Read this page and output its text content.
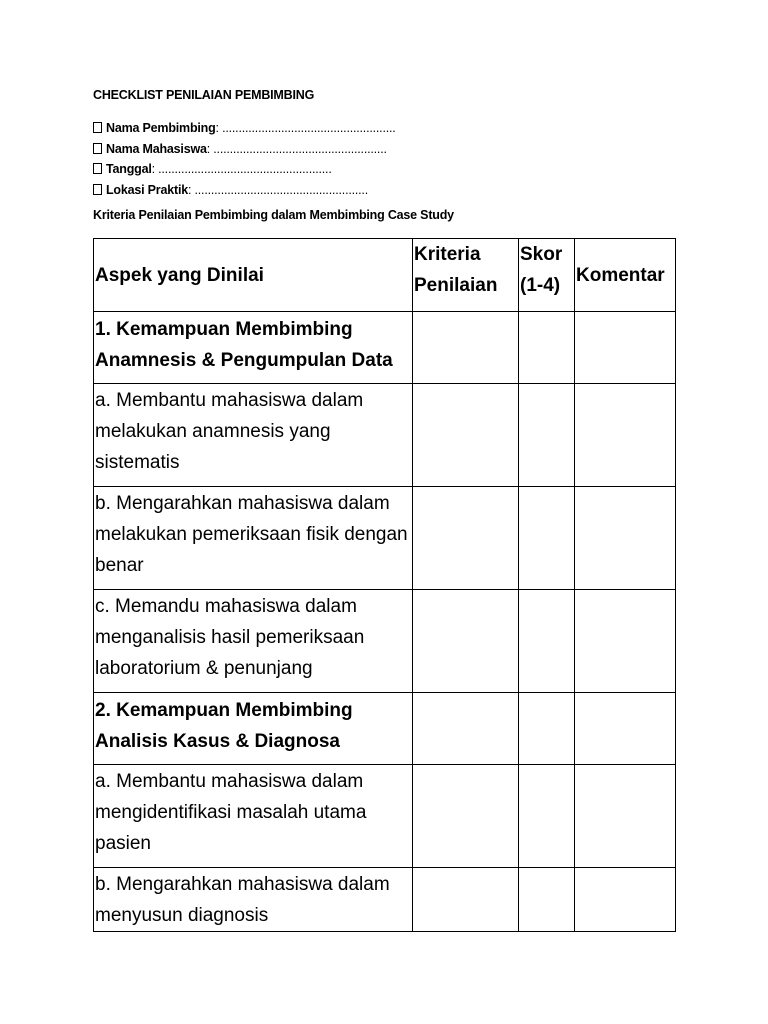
CHECKLIST PENILAIAN PEMBIMBING
Nama Pembimbing: .....................................................
Nama Mahasiswa: .....................................................
Tanggal: .....................................................
Lokasi Praktik: .....................................................
Kriteria Penilaian Pembimbing dalam Membimbing Case Study
Aspek yang Dinilai	Kriteria Penilaian	Skor (1-4)	Komentar
1. Kemampuan Membimbing Anamnesis & Pengumpulan Data			
a. Membantu mahasiswa dalam melakukan anamnesis yang sistematis			
b. Mengarahkan mahasiswa dalam melakukan pemeriksaan fisik dengan benar			
c. Memandu mahasiswa dalam menganalisis hasil pemeriksaan laboratorium & penunjang			
2. Kemampuan Membimbing Analisis Kasus & Diagnosa			
a. Membantu mahasiswa dalam mengidentifikasi masalah utama pasien			
b. Mengarahkan mahasiswa dalam menyusun diagnosis			
